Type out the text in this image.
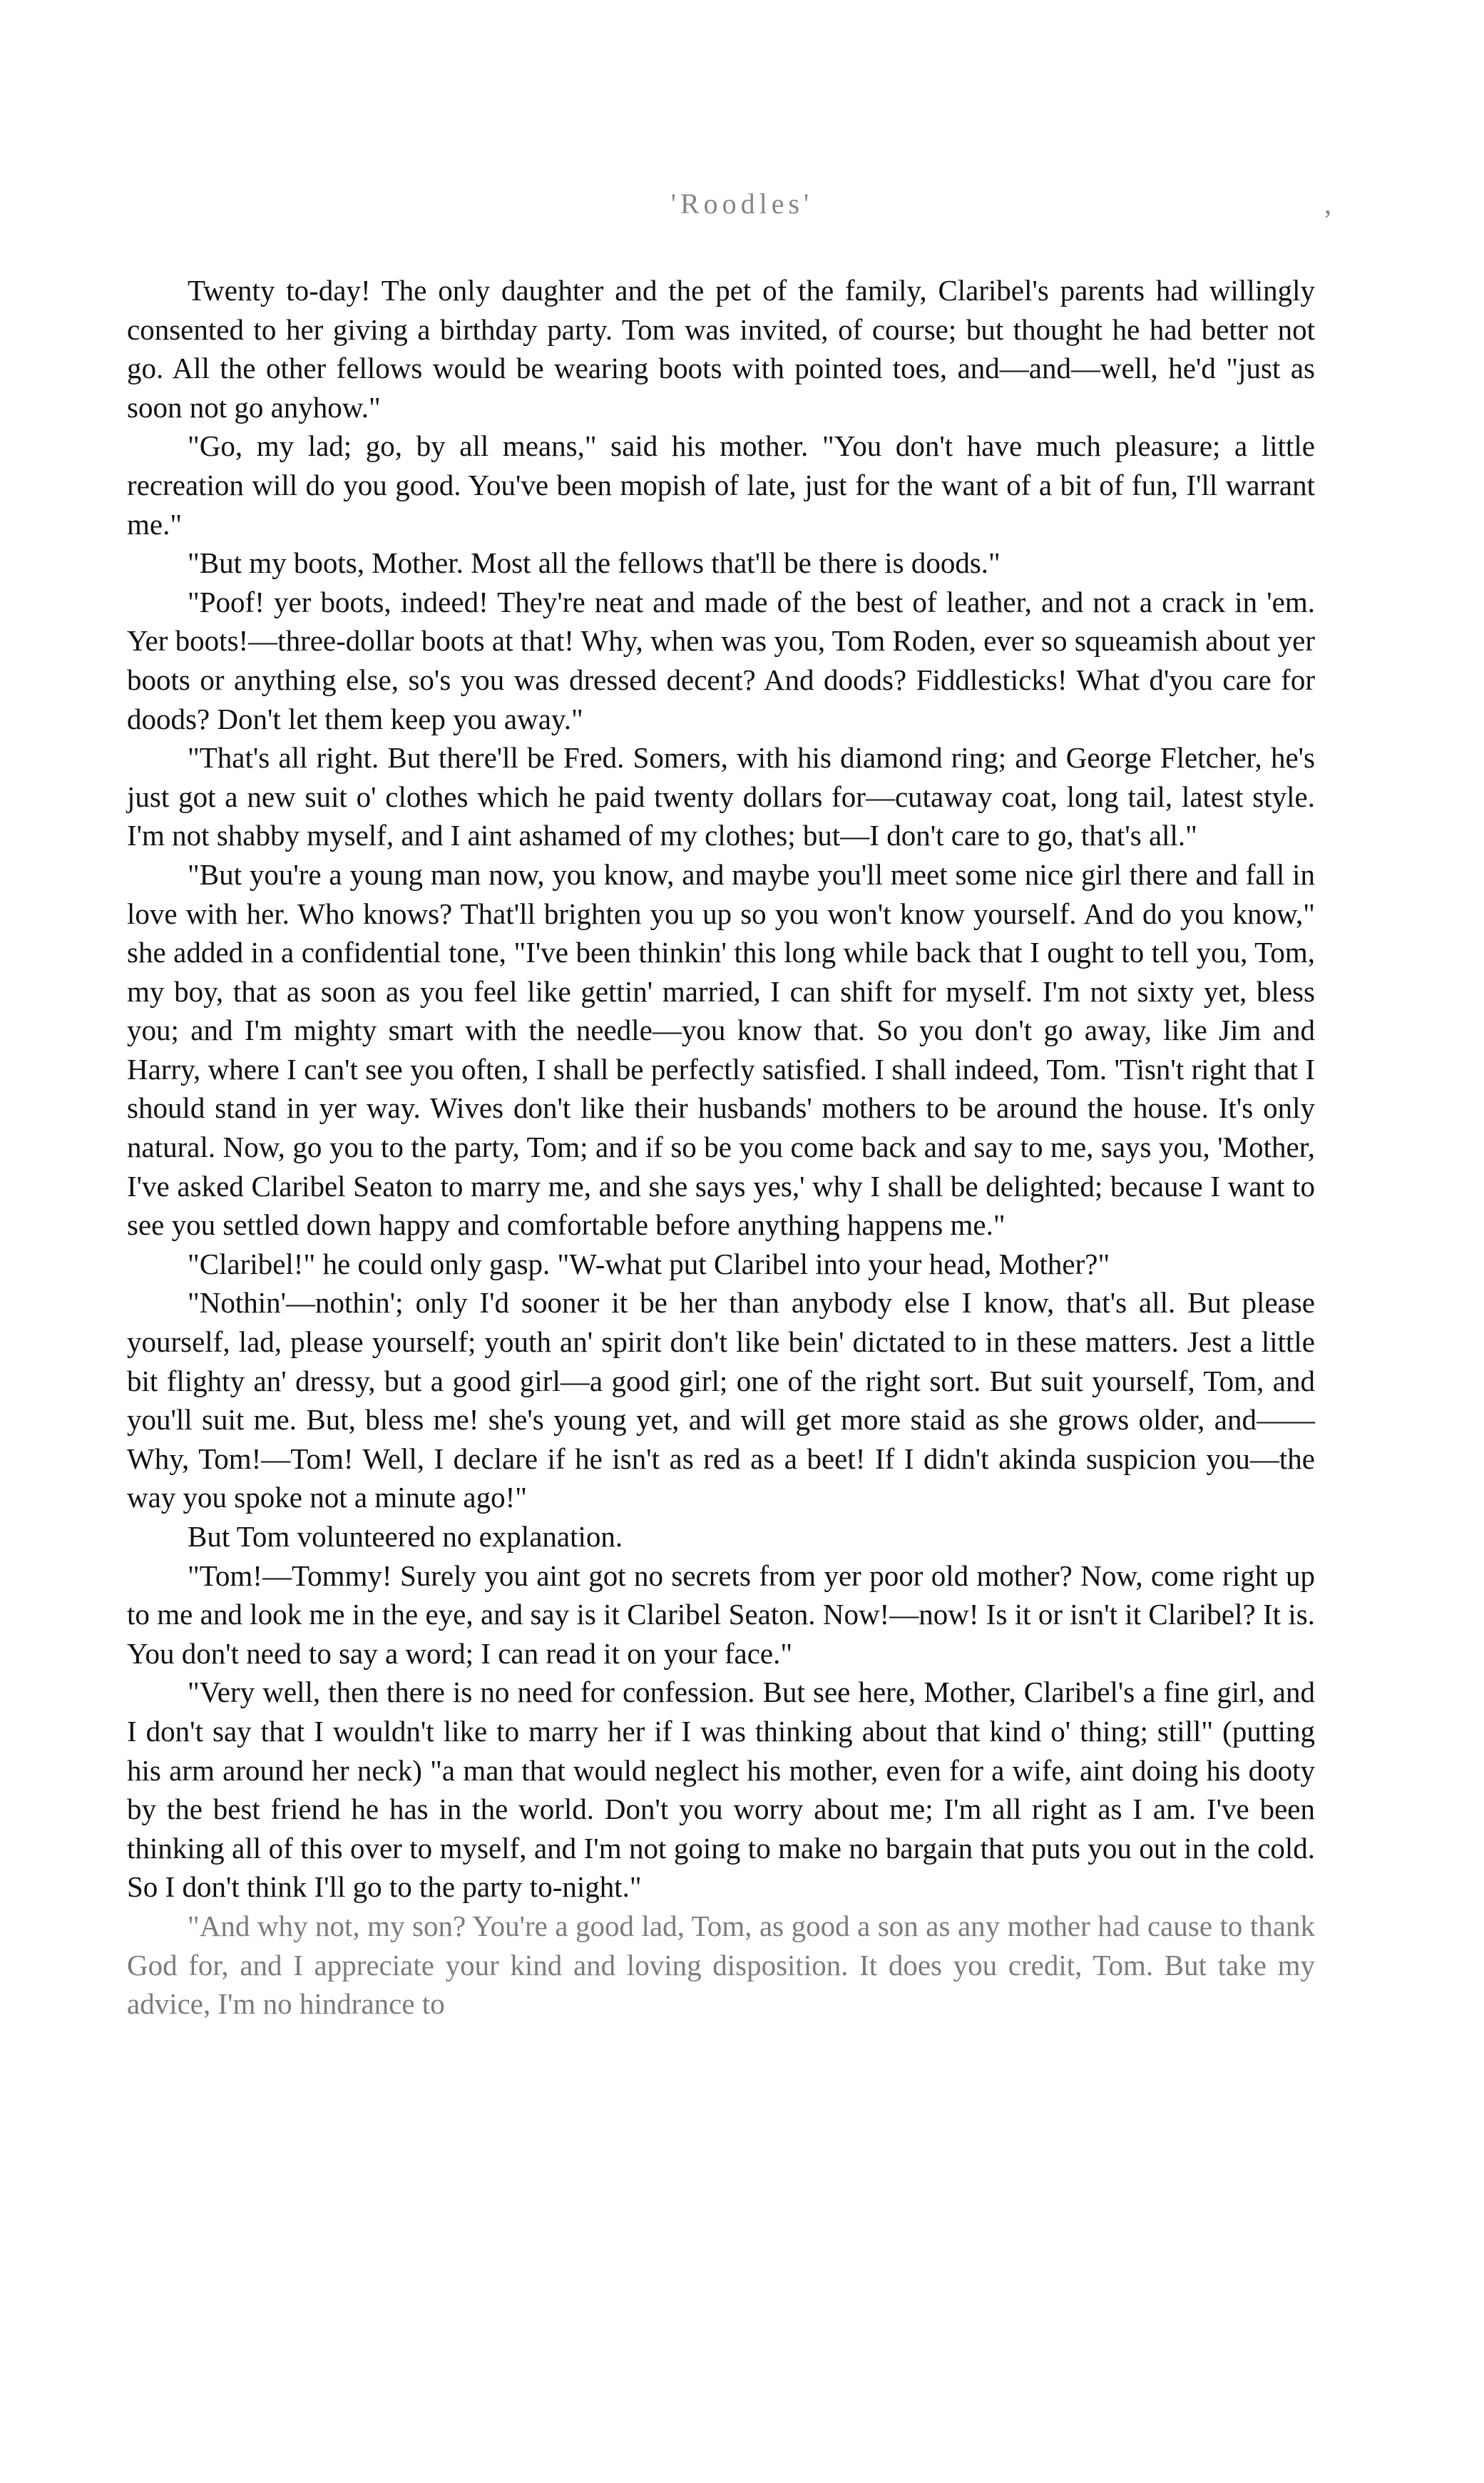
'Roodles'	,

Twenty to-day! The only daughter and the pet of the family, Claribel's parents had willingly consented to her giving a birthday party. Tom was invited, of course; but thought he had better not go. All the other fellows would be wearing boots with pointed toes, and—and—well, he'd "just as soon not go anyhow."

"Go, my lad; go, by all means," said his mother. "You don't have much pleasure; a little recreation will do you good. You've been mopish of late, just for the want of a bit of fun, I'll warrant me."

"But my boots, Mother. Most all the fellows that'll be there is doods."

"Poof! yer boots, indeed! They're neat and made of the best of leather, and not a crack in 'em. Yer boots!—three-dollar boots at that! Why, when was you, Tom Roden, ever so squeamish about yer boots or anything else, so's you was dressed decent? And doods? Fiddlesticks! What d'you care for doods? Don't let them keep you away."

"That's all right. But there'll be Fred. Somers, with his diamond ring; and George Fletcher, he's just got a new suit o' clothes which he paid twenty dollars for—cutaway coat, long tail, latest style. I'm not shabby myself, and I aint ashamed of my clothes; but—I don't care to go, that's all."

"But you're a young man now, you know, and maybe you'll meet some nice girl there and fall in love with her. Who knows? That'll brighten you up so you won't know yourself. And do you know," she added in a confidential tone, "I've been thinkin' this long while back that I ought to tell you, Tom, my boy, that as soon as you feel like gettin' married, I can shift for myself. I'm not sixty yet, bless you; and I'm mighty smart with the needle—you know that. So you don't go away, like Jim and Harry, where I can't see you often, I shall be perfectly satisfied. I shall indeed, Tom. 'Tisn't right that I should stand in yer way. Wives don't like their husbands' mothers to be around the house. It's only natural. Now, go you to the party, Tom; and if so be you come back and say to me, says you, 'Mother, I've asked Claribel Seaton to marry me, and she says yes,' why I shall be delighted; because I want to see you settled down happy and comfortable before anything happens me."

"Claribel!" he could only gasp. "W-what put Claribel into your head, Mother?"

"Nothin'—nothin'; only I'd sooner it be her than anybody else I know, that's all. But please yourself, lad, please yourself; youth an' spirit don't like bein' dictated to in these matters. Jest a little bit flighty an' dressy, but a good girl—a good girl; one of the right sort. But suit yourself, Tom, and you'll suit me. But, bless me! she's young yet, and will get more staid as she grows older, and——Why, Tom!—Tom! Well, I declare if he isn't as red as a beet! If I didn't akinda suspicion you—the way you spoke not a minute ago!"

But Tom volunteered no explanation.

"Tom!—Tommy! Surely you aint got no secrets from yer poor old mother? Now, come right up to me and look me in the eye, and say is it Claribel Seaton. Now!—now! Is it or isn't it Claribel? It is. You don't need to say a word; I can read it on your face."

"Very well, then there is no need for confession. But see here, Mother, Claribel's a fine girl, and I don't say that I wouldn't like to marry her if I was thinking about that kind o' thing; still" (putting his arm around her neck) "a man that would neglect his mother, even for a wife, aint doing his dooty by the best friend he has in the world. Don't you worry about me; I'm all right as I am. I've been thinking all of this over to myself, and I'm not going to make no bargain that puts you out in the cold. So I don't think I'll go to the party to-night."

"And why not, my son? You're a good lad, Tom, as good a son as any mother had cause to thank God for, and I appreciate your kind and loving disposition. It does you credit, Tom. But take my advice, I'm no hindrance to
